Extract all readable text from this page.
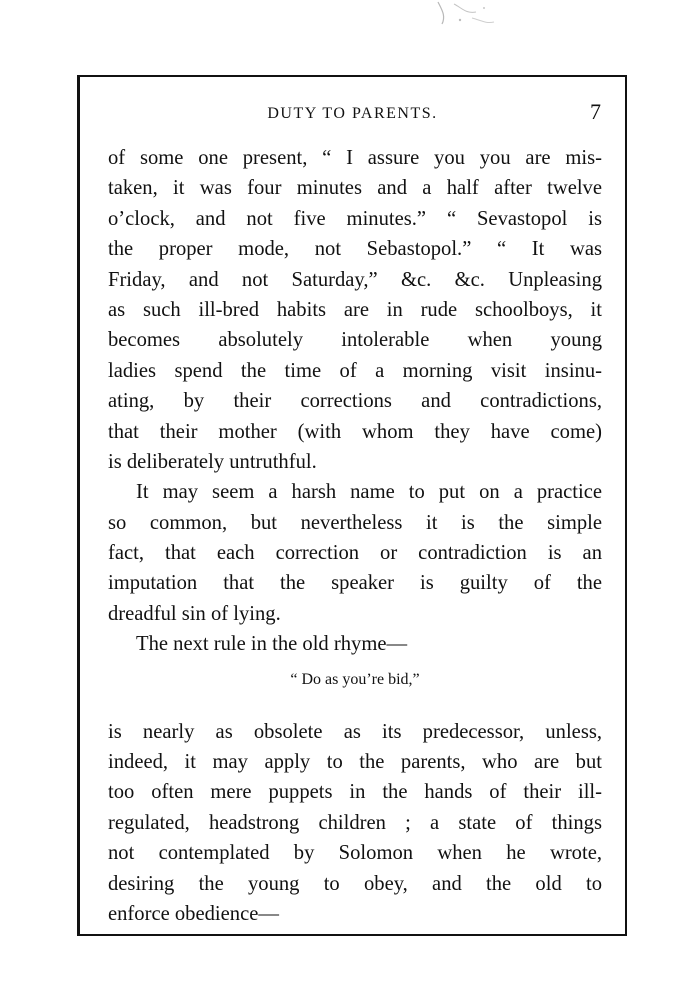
DUTY TO PARENTS.	7
of some one present, “ I assure you you are mis-
taken, it was four minutes and a half after twelve
o’clock, and not five minutes.” “ Sevastopol is
the proper mode, not Sebastopol.” “ It was
Friday, and not Saturday,” &c. &c. Unpleasing
as such ill-bred habits are in rude schoolboys, it
becomes absolutely intolerable when young
ladies spend the time of a morning visit insinu-
ating, by their corrections and contradictions,
that their mother (with whom they have come)
is deliberately untruthful.
It may seem a harsh name to put on a practice
so common, but nevertheless it is the simple
fact, that each correction or contradiction is an
imputation that the speaker is guilty of the
dreadful sin of lying.
The next rule in the old rhyme—
“ Do as you’re bid,”
is nearly as obsolete as its predecessor, unless,
indeed, it may apply to the parents, who are but
too often mere puppets in the hands of their ill-
regulated, headstrong children ; a state of things
not contemplated by Solomon when he wrote,
desiring the young to obey, and the old to
enforce obedience—
